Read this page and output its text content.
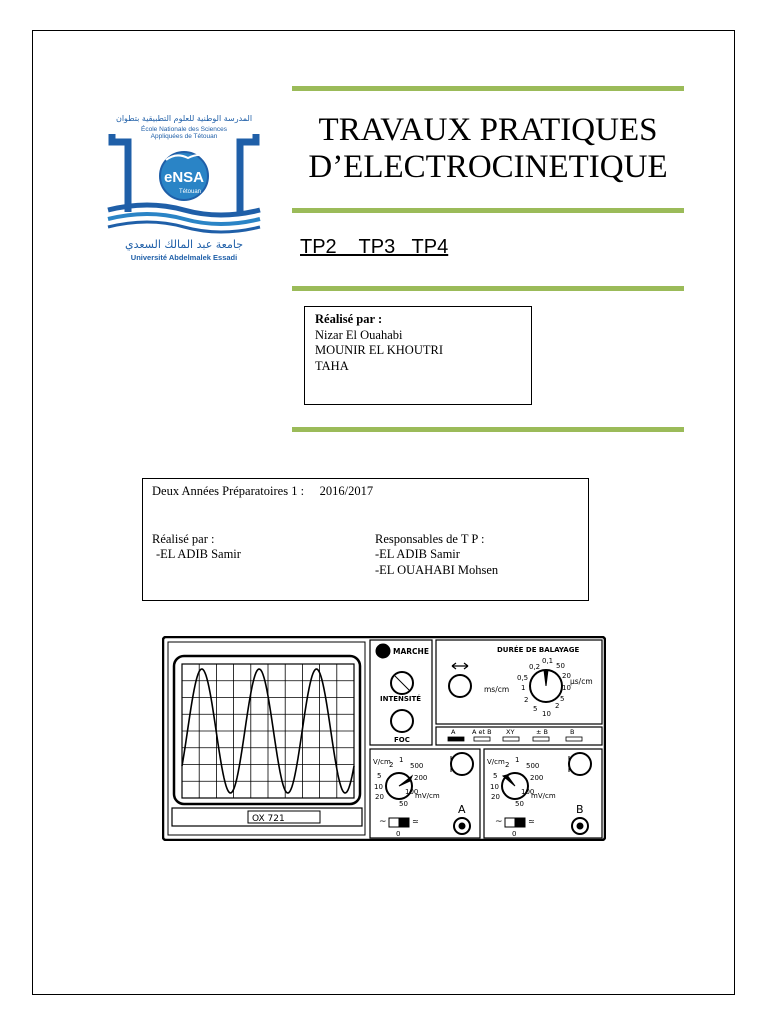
المدرسة الوطنية للعلوم التطبيقية بتطوان
École Nationale des Sciences
Appliquées de Tétouan
eNSA
Tétouan
جامعة عبد المالك السعدي
Université Abdelmalek Essadi
TRAVAUX PRATIQUES
D’ELECTROCINETIQUE
TP2    TP3   TP4
Réalisé par :
Nizar El Ouahabi
MOUNIR EL KHOUTRI
TAHA
Deux Années Préparatoires 1 :     2016/2017
Réalisé par :
-EL ADIB Samir
Responsables de T P :
-EL ADIB Samir
-EL OUAHABI Mohsen
OX 721
MARCHE
INTENSITÉ
FOC
DURÉE DE BALAYAGE
ms/cm
µs/cm
0,2
0,1
50
0,5	20
1	10
2
5
10
5
2
A	A et B XY	± B	B
V/cm
mV/cm
2
1
500
5	200
10
50
20
100
A
~	≃
0
V/cm
mV/cm
2
1
500
5	200
10
50
20
100
B
~	≃
0
